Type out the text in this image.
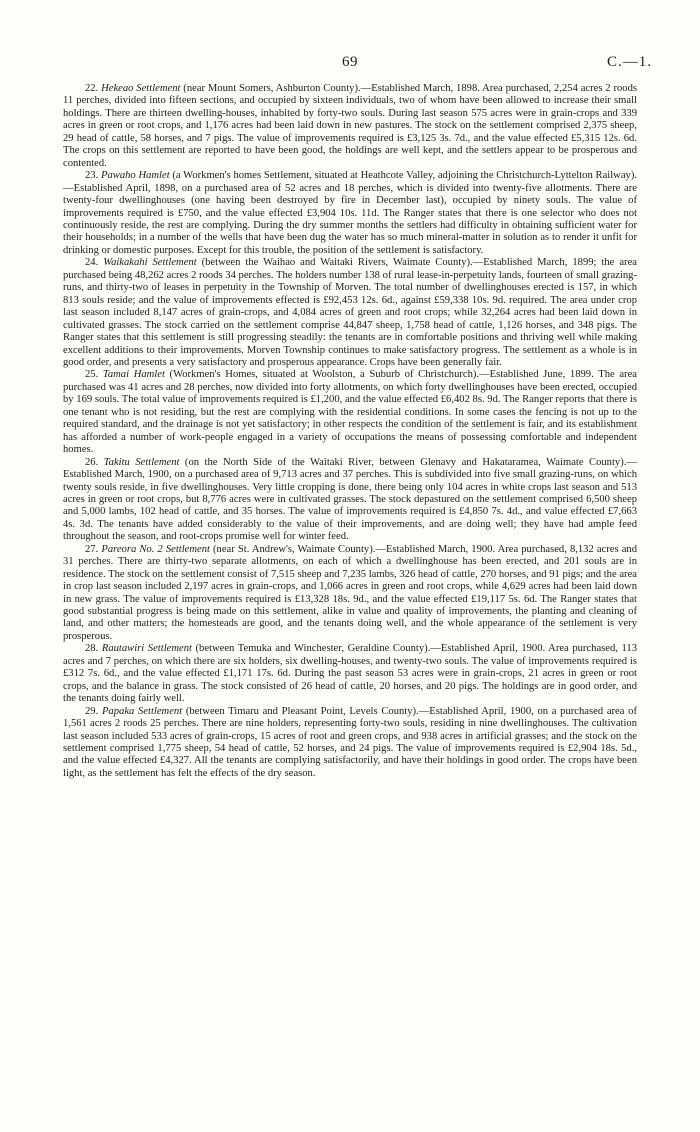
69	C.—1.

22. Hekeao Settlement (near Mount Somers, Ashburton County).—Established March, 1898. Area purchased, 2,254 acres 2 roods 11 perches, divided into fifteen sections, and occupied by sixteen individuals, two of whom have been allowed to increase their small holdings. There are thirteen dwelling-houses, inhabited by forty-two souls. During last season 575 acres were in grain-crops and 339 acres in green or root crops, and 1,176 acres had been laid down in new pastures. The stock on the settlement comprised 2,375 sheep, 29 head of cattle, 58 horses, and 7 pigs. The value of improvements required is £3,125 3s. 7d., and the value effected £5,315 12s. 6d. The crops on this settlement are reported to have been good, the holdings are well kept, and the settlers appear to be prosperous and contented.

23. Pawaho Hamlet (a Workmen's homes Settlement, situated at Heathcote Valley, adjoining the Christchurch-Lyttelton Railway).—Established April, 1898, on a purchased area of 52 acres and 18 perches, which is divided into twenty-five allotments. There are twenty-four dwellinghouses (one having been destroyed by fire in December last), occupied by ninety souls. The value of improvements required is £750, and the value effected £3,904 10s. 11d. The Ranger states that there is one selector who does not continuously reside, the rest are complying. During the dry summer months the settlers had difficulty in obtaining sufficient water for their households; in a number of the wells that have been dug the water has so much mineral-matter in solution as to render it unfit for drinking or domestic purposes. Except for this trouble, the position of the settlement is satisfactory.

24. Waikakahi Settlement (between the Waihao and Waitaki Rivers, Waimate County).—Established March, 1899; the area purchased being 48,262 acres 2 roods 34 perches. The holders number 138 of rural lease-in-perpetuity lands, fourteen of small grazing-runs, and thirty-two of leases in perpetuity in the Township of Morven. The total number of dwellinghouses erected is 157, in which 813 souls reside; and the value of improvements effected is £92,453 12s. 6d., against £59,338 10s. 9d. required. The area under crop last season included 8,147 acres of grain-crops, and 4,084 acres of green and root crops; while 32,264 acres had been laid down in cultivated grasses. The stock carried on the settlement comprise 44,847 sheep, 1,758 head of cattle, 1,126 horses, and 348 pigs. The Ranger states that this settlement is still progressing steadily: the tenants are in comfortable positions and thriving well while making excellent additions to their improvements. Morven Township continues to make satisfactory progress. The settlement as a whole is in good order, and presents a very satisfactory and prosperous appearance. Crops have been generally fair.

25. Tamai Hamlet (Workmen's Homes, situated at Woolston, a Suburb of Christchurch).—Established June, 1899. The area purchased was 41 acres and 28 perches, now divided into forty allotments, on which forty dwellinghouses have been erected, occupied by 169 souls. The total value of improvements required is £1,200, and the value effected £6,402 8s. 9d. The Ranger reports that there is one tenant who is not residing, but the rest are complying with the residential conditions. In some cases the fencing is not up to the required standard, and the drainage is not yet satisfactory; in other respects the condition of the settlement is fair, and its establishment has afforded a number of work-people engaged in a variety of occupations the means of possessing comfortable and independent homes.

26. Takitu Settlement (on the North Side of the Waitaki River, between Glenavy and Hakataramea, Waimate County).—Established March, 1900, on a purchased area of 9,713 acres and 37 perches. This is subdivided into five small grazing-runs, on which twenty souls reside, in five dwellinghouses. Very little cropping is done, there being only 104 acres in white crops last season and 513 acres in green or root crops, but 8,776 acres were in cultivated grasses. The stock depastured on the settlement comprised 6,500 sheep and 5,000 lambs, 102 head of cattle, and 35 horses. The value of improvements required is £4,850 7s. 4d., and value effected £7,663 4s. 3d. The tenants have added considerably to the value of their improvements, and are doing well; they have had ample feed throughout the season, and root-crops promise well for winter feed.

27. Pareora No. 2 Settlement (near St. Andrew's, Waimate County).—Established March, 1900. Area purchased, 8,132 acres and 31 perches. There are thirty-two separate allotments, on each of which a dwellinghouse has been erected, and 201 souls are in residence. The stock on the settlement consist of 7,515 sheep and 7,235 lambs, 326 head of cattle, 270 horses, and 91 pigs; and the area in crop last season included 2,197 acres in grain-crops, and 1,066 acres in green and root crops, while 4,629 acres had been laid down in new grass. The value of improvements required is £13,328 18s. 9d., and the value effected £19,117 5s. 6d. The Ranger states that good substantial progress is being made on this settlement, alike in value and quality of improvements, the planting and cleaning of land, and other matters; the homesteads are good, and the tenants doing well, and the whole appearance of the settlement is very prosperous.

28. Rautawiri Settlement (between Temuka and Winchester, Geraldine County).—Established April, 1900. Area purchased, 113 acres and 7 perches, on which there are six holders, six dwelling-houses, and twenty-two souls. The value of improvements required is £312 7s. 6d., and the value effected £1,171 17s. 6d. During the past season 53 acres were in grain-crops, 21 acres in green or root crops, and the balance in grass. The stock consisted of 26 head of cattle, 20 horses, and 20 pigs. The holdings are in good order, and the tenants doing fairly well.

29. Papaka Settlement (between Timaru and Pleasant Point, Levels County).—Established April, 1900, on a purchased area of 1,561 acres 2 roods 25 perches. There are nine holders, representing forty-two souls, residing in nine dwellinghouses. The cultivation last season included 533 acres of grain-crops, 15 acres of root and green crops, and 938 acres in artificial grasses; and the stock on the settlement comprised 1,775 sheep, 54 head of cattle, 52 horses, and 24 pigs. The value of improvements required is £2,904 18s. 5d., and the value effected £4,327. All the tenants are complying satisfactorily, and have their holdings in good order. The crops have been light, as the settlement has felt the effects of the dry season.
